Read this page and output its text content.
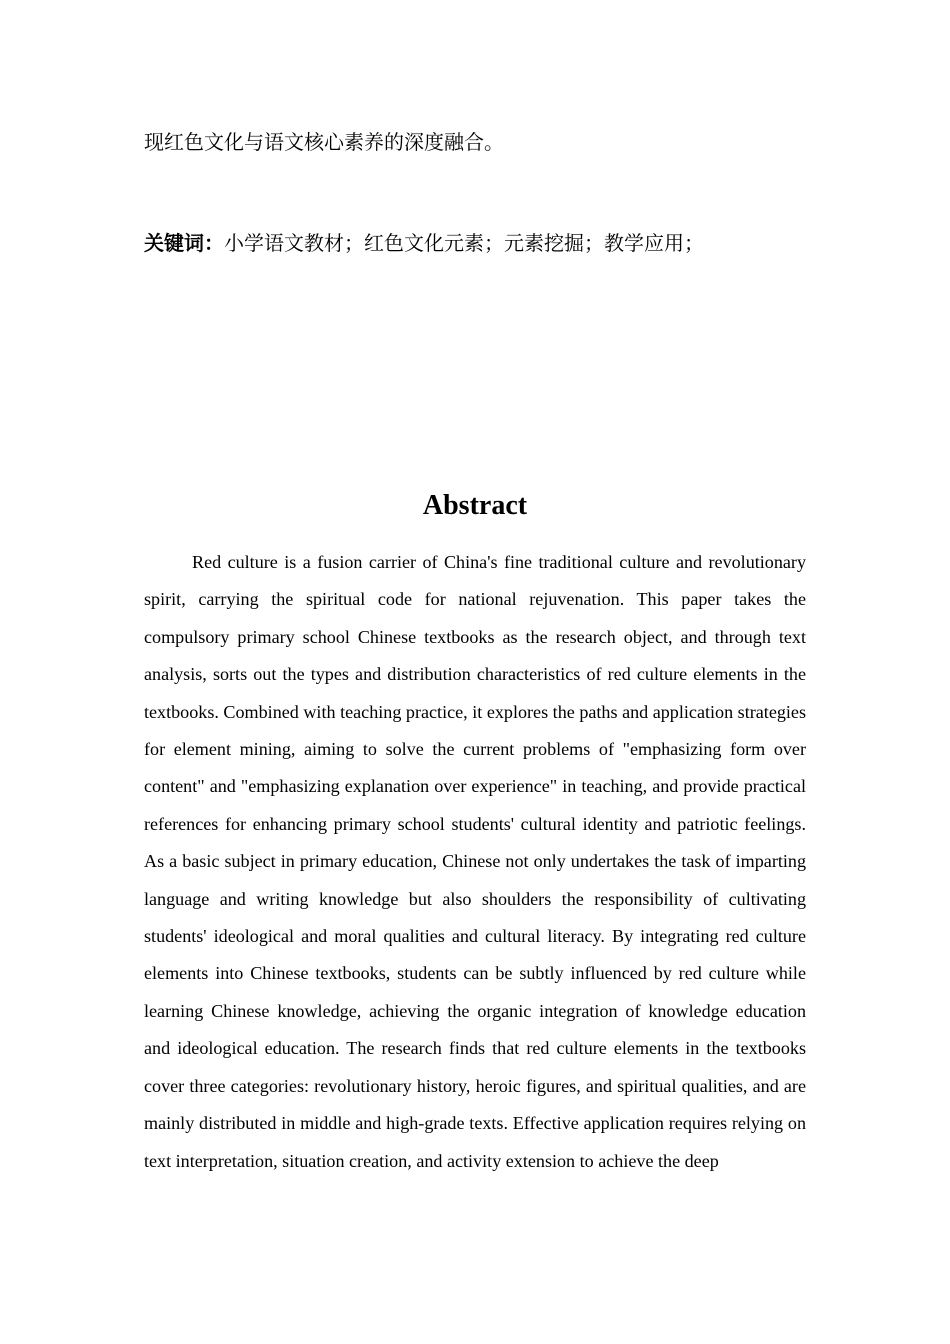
现红色文化与语文核心素养的深度融合。
关键词：小学语文教材；红色文化元素；元素挖掘；教学应用；
Abstract

Red culture is a fusion carrier of China's fine traditional culture and revolutionary spirit, carrying the spiritual code for national rejuvenation. This paper takes the compulsory primary school Chinese textbooks as the research object, and through text analysis, sorts out the types and distribution characteristics of red culture elements in the textbooks. Combined with teaching practice, it explores the paths and application strategies for element mining, aiming to solve the current problems of "emphasizing form over content" and "emphasizing explanation over experience" in teaching, and provide practical references for enhancing primary school students' cultural identity and patriotic feelings. As a basic subject in primary education, Chinese not only undertakes the task of imparting language and writing knowledge but also shoulders the responsibility of cultivating students' ideological and moral qualities and cultural literacy. By integrating red culture elements into Chinese textbooks, students can be subtly influenced by red culture while learning Chinese knowledge, achieving the organic integration of knowledge education and ideological education. The research finds that red culture elements in the textbooks cover three categories: revolutionary history, heroic figures, and spiritual qualities, and are mainly distributed in middle and high-grade texts. Effective application requires relying on text interpretation, situation creation, and activity extension to achieve the deep
